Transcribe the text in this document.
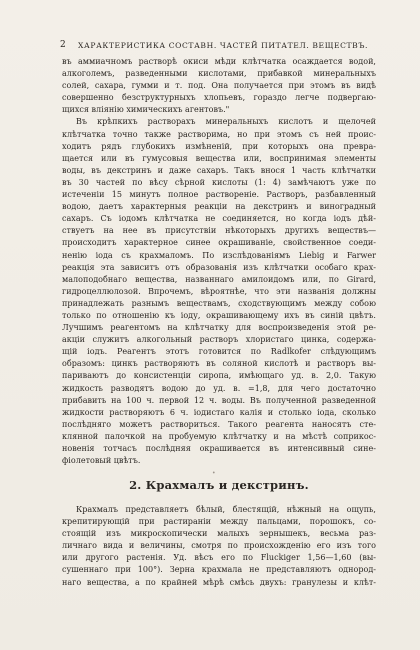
2	ХАРАКТЕРИСТИКА СОСТАВН. ЧАСТЕЙ ПИТАТЕЛ. ВЕЩЕСТВЪ.
въ аммиачномъ растворѣ окиси мѣди клѣтчатка осаждается водой,
алкоголемъ, разведенными кислотами, прибавкой минеральныхъ
солей, сахара, гумми и т. под. Она получается при этомъ въ видѣ
совершенно безструктурныхъ хлопьевъ, гораздо легче подвергаю-
щихся влiянiю химическихъ агентовъ."
Въ крѣпкихъ растворахъ минеральныхъ кислотъ и щелочей
клѣтчатка точно также растворима, но при этомъ съ ней проис-
ходитъ рядъ глубокихъ измѣненiй, при которыхъ она превра-
щается или въ гумусовыя вещества или, воспринимая элементы
воды, въ декстринъ и даже сахаръ. Такъ внося 1 часть клѣтчатки
въ 30 частей по вѣсу сѣрной кислоты (1: 4) замѣчаютъ уже по
истеченiи 15 минутъ полное растворенiе. Растворъ, разбавленный
водою, даетъ характерныя реакцiи на декстринъ и виноградный
сахаръ. Съ iодомъ клѣтчатка не соединяется, но когда iодъ дѣй-
ствуетъ на нее въ присутствiи нѣкоторыхъ другихъ веществъ—
происходитъ характерное синее окрашиванiе, свойственное соеди-
ненiю iода съ крахмаломъ. По изслѣдованiямъ Liebig и Farwer
реакцiя эта зависитъ отъ образованiя изъ клѣтчатки особаго крах-
малоподобнаго вещества, названнаго амилоидомъ или, по Girard,
гидроцеллюлозой. Впрочемъ, вѣроятнѣе, что эти названiя должны
принадлежать разнымъ веществамъ, сходствующимъ между собою
только по отношенiю къ iоду, окрашивающему ихъ въ синiй цвѣтъ.
Лучшимъ реагентомъ на клѣтчатку для воспроизведенiя этой ре-
акцiи служитъ алкогольный растворъ хлористаго цинка, содержа-
щiй iодъ. Реагентъ этотъ готовится по Radlkofer слѣдующимъ
образомъ: цинкъ растворяютъ въ соляной кислотѣ и растворъ вы-
париваютъ до консистенцiи сиропа, имѣющаго уд. в. 2,0. Такую
жидкость разводятъ водою до уд. в. =1,8, для чего достаточно
прибавить на 100 ч. первой 12 ч. воды. Въ полученной разведенной
жидкости растворяютъ 6 ч. iодистаго калiя и столько iода, сколько
послѣдняго можетъ раствориться. Такого реагента наносятъ сте-
клянной палочкой на пробуемую клѣтчатку и на мѣстѣ соприкос-
новенiя тотчасъ послѣдняя окрашивается въ интенсивный сине-
фiолетовый цвѣтъ.
•
2. Крахмалъ и декстринъ.
Крахмалъ представляетъ бѣлый, блестящiй, нѣжный на ощупь,
крепитирующiй при растиранiи между пальцами, порошокъ, со-
стоящiй изъ микроскопически малыхъ зернышекъ, весьма раз-
личнаго вида и величины, смотря по происхожденiю его изъ того
или другого растенiя. Уд. вѣсъ его по Fluckiger 1,56—1,60 (вы-
сушеннаго при 100°). Зерна крахмала не представляютъ однород-
наго вещества, а по крайней мѣрѣ смѣсь двухъ: гранулезы и клѣт-
